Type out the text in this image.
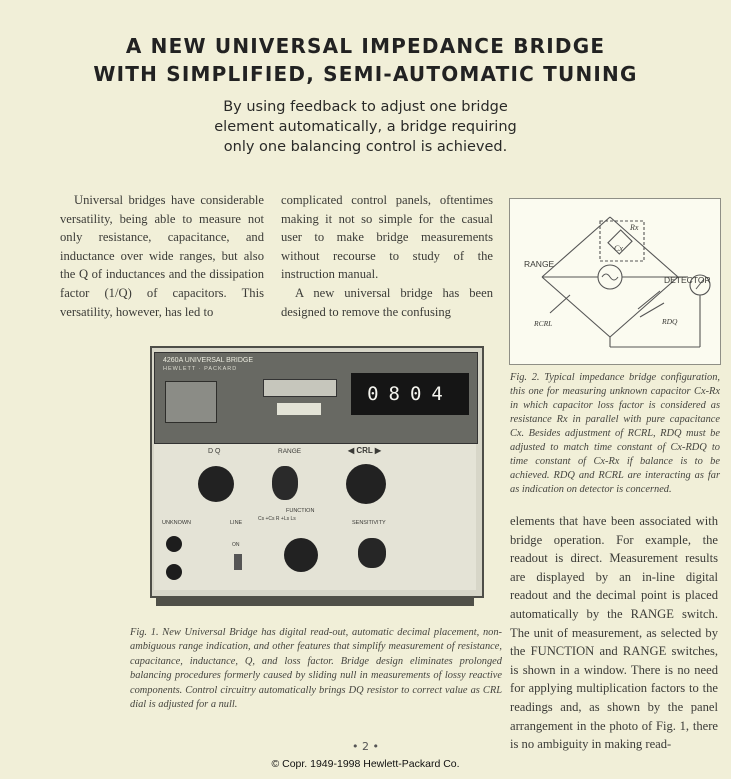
A NEW UNIVERSAL IMPEDANCE BRIDGE
WITH SIMPLIFIED, SEMI-AUTOMATIC TUNING
By using feedback to adjust one bridge
element automatically, a bridge requiring
only one balancing control is achieved.

Universal bridges have considerable versatility, being able to measure not only resistance, capacitance, and inductance over wide ranges, but also the Q of inductances and the dissipation factor (1/Q) of capacitors. This versatility, however, has led to

complicated control panels, oftentimes making it not so simple for the casual user to make bridge measurements without recourse to study of the instruction manual.

A new universal bridge has been designed to remove the confusing

RANGE
DETECTOR
Rx
Cx
RCRL	RDQ
Fig. 2. Typical impedance bridge configuration, this one for measuring unknown capacitor Cx-Rx in which capacitor loss factor is considered as resistance Rx in parallel with pure capacitance Cx. Besides adjustment of RCRL, RDQ must be adjusted to match time constant of Cx-RDQ to time constant of Cx-Rx if balance is to be achieved. RDQ and RCRL are interacting as far as indication on detector is concerned.
4260A UNIVERSAL BRIDGE
HEWLETT · PACKARD
0804
D Q	RANGE	◀ CRL ▶
UNKNOWN	LINE
FUNCTION
Cs +Cs R +Ls Ls
SENSITIVITY
ON
Fig. 1. New Universal Bridge has digital read-out, automatic decimal placement, non-ambiguous range indication, and other features that simplify measurement of resistance, capacitance, inductance, Q, and loss factor. Bridge design eliminates prolonged balancing procedures formerly caused by sliding null in measurements of lossy reactive components. Control circuitry automatically brings DQ resistor to correct value as CRL dial is adjusted for a null.

elements that have been associated with bridge operation. For example, the readout is direct. Measurement results are displayed by an in-line digital readout and the decimal point is placed automatically by the RANGE switch. The unit of measurement, as selected by the FUNCTION and RANGE switches, is shown in a window. There is no need for applying multiplication factors to the readings and, as shown by the panel arrangement in the photo of Fig. 1, there is no ambiguity in making read-

• 2 •
© Copr. 1949-1998 Hewlett-Packard Co.
